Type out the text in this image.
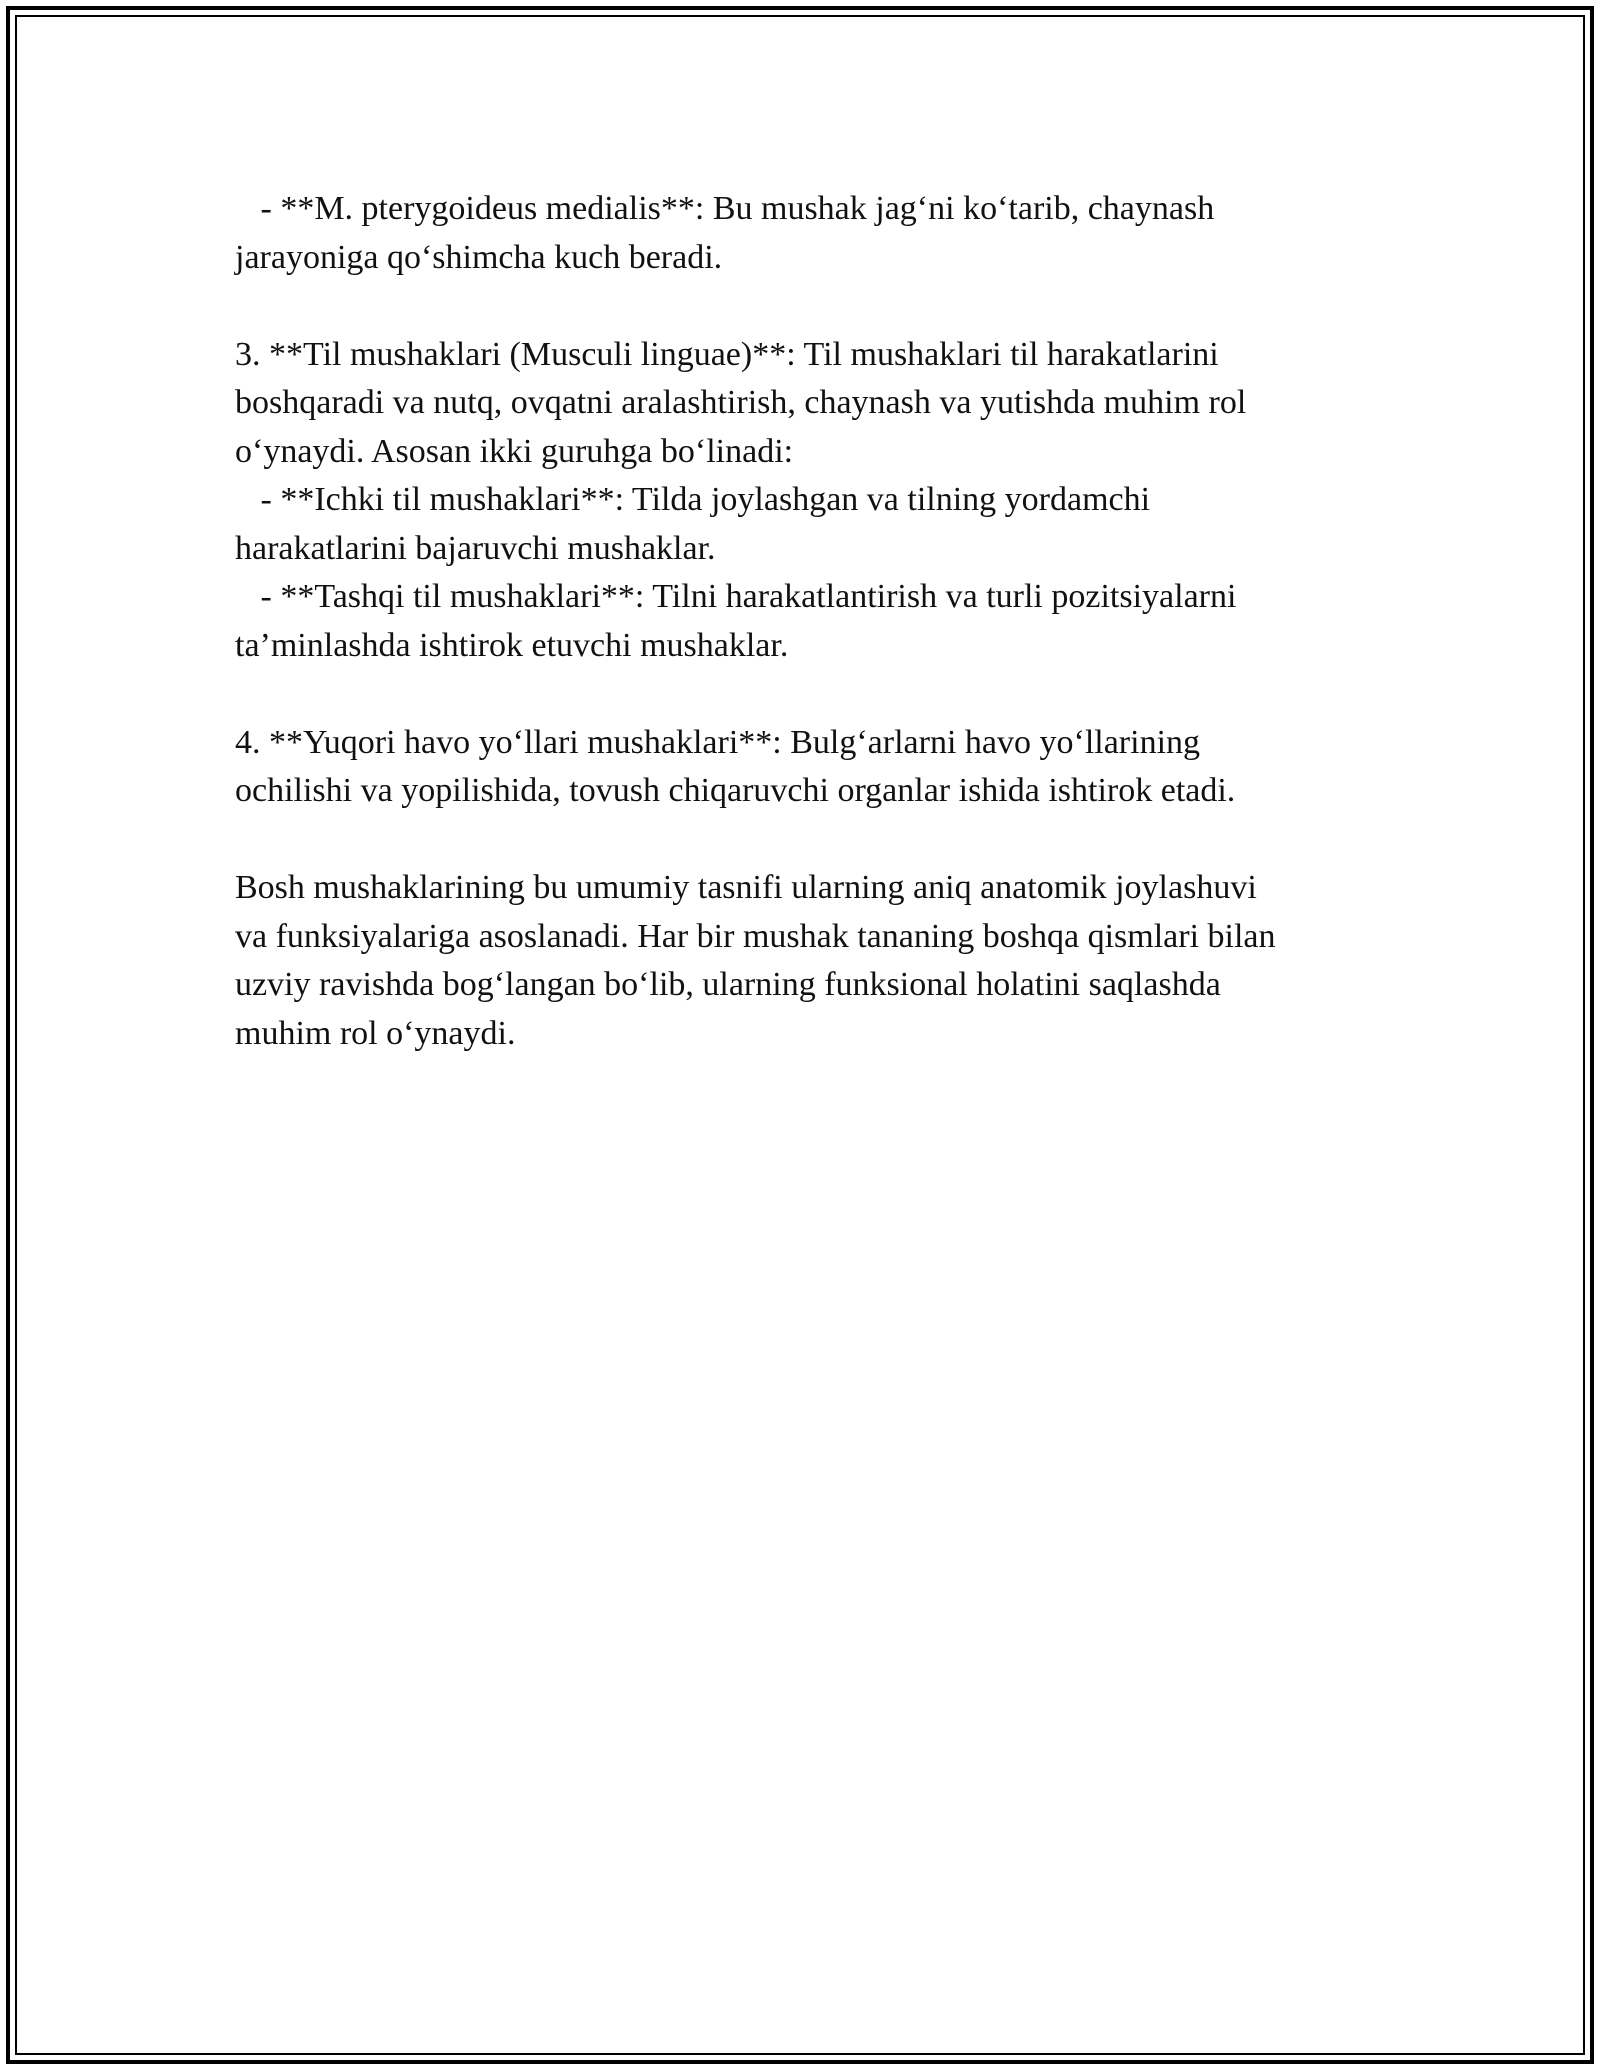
- **M. pterygoideus medialis**: Bu mushak jag‘ni ko‘tarib, chaynash
jarayoniga qo‘shimcha kuch beradi.

3. **Til mushaklari (Musculi linguae)**: Til mushaklari til harakatlarini
boshqaradi va nutq, ovqatni aralashtirish, chaynash va yutishda muhim rol
o‘ynaydi. Asosan ikki guruhga bo‘linadi:
- **Ichki til mushaklari**: Tilda joylashgan va tilning yordamchi
harakatlarini bajaruvchi mushaklar.
- **Tashqi til mushaklari**: Tilni harakatlantirish va turli pozitsiyalarni
ta’minlashda ishtirok etuvchi mushaklar.

4. **Yuqori havo yo‘llari mushaklari**: Bulg‘arlarni havo yo‘llarining
ochilishi va yopilishida, tovush chiqaruvchi organlar ishida ishtirok etadi.

Bosh mushaklarining bu umumiy tasnifi ularning aniq anatomik joylashuvi
va funksiyalariga asoslanadi. Har bir mushak tananing boshqa qismlari bilan
uzviy ravishda bog‘langan bo‘lib, ularning funksional holatini saqlashda
muhim rol o‘ynaydi.
